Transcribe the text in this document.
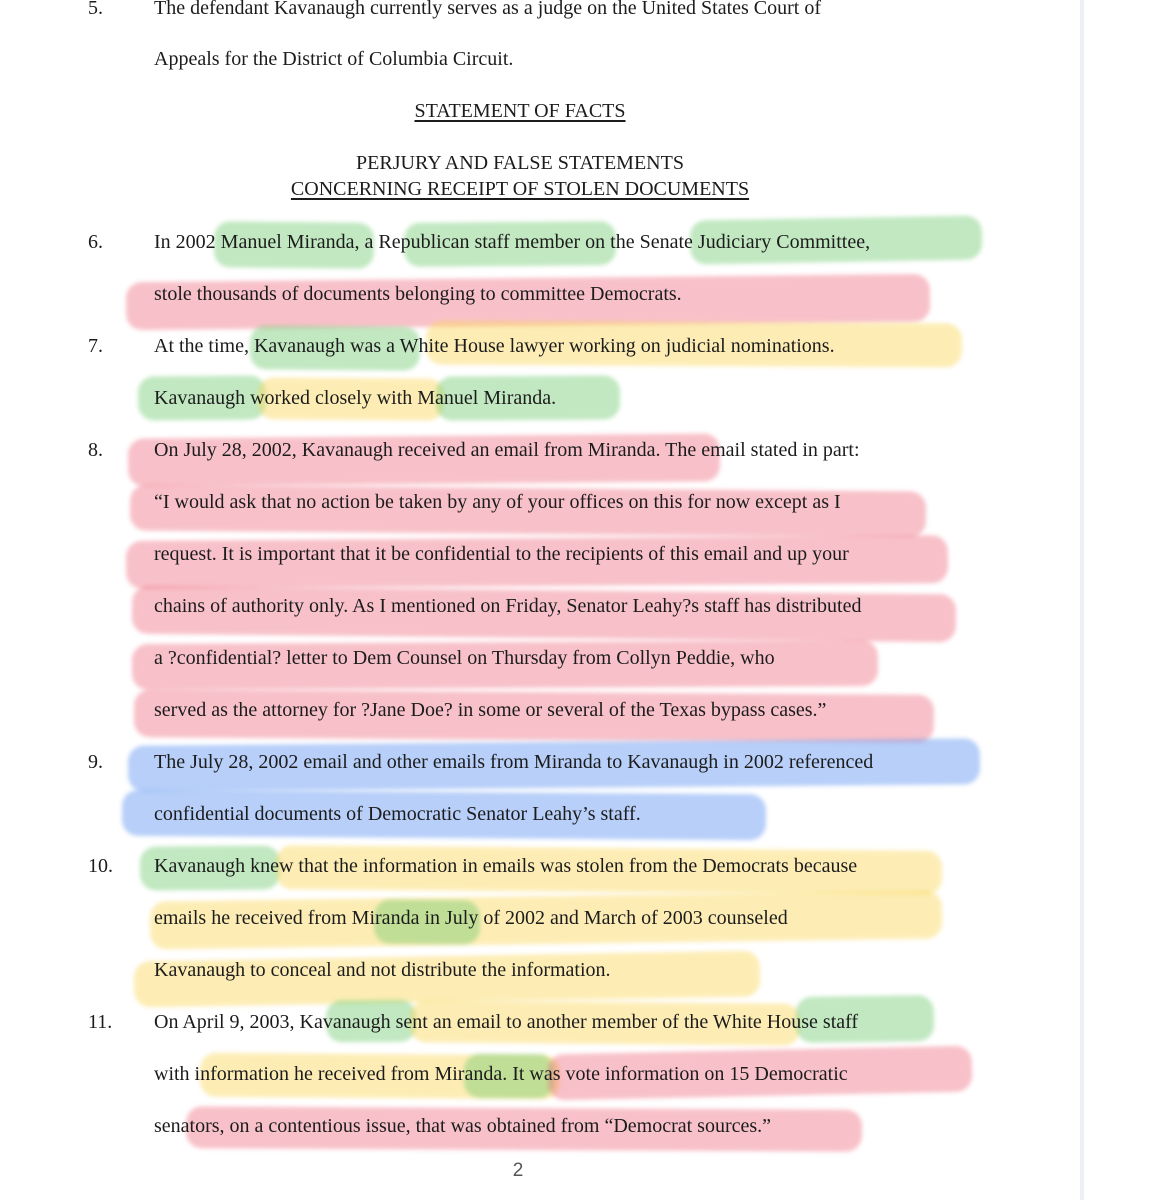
5.	The defendant Kavanaugh currently serves as a judge on the United States Court of
Appeals for the District of Columbia Circuit.
STATEMENT OF FACTS
PERJURY AND FALSE STATEMENTS
CONCERNING RECEIPT OF STOLEN DOCUMENTS
6.	In 2002 Manuel Miranda, a Republican staff member on the Senate Judiciary Committee,
stole thousands of documents belonging to committee Democrats.
7.	At the time, Kavanaugh was a White House lawyer working on judicial nominations.
Kavanaugh worked closely with Manuel Miranda.
8.	On July 28, 2002, Kavanaugh received an email from Miranda. The email stated in part:
“I would ask that no action be taken by any of your offices on this for now except as I
request. It is important that it be confidential to the recipients of this email and up your
chains of authority only. As I mentioned on Friday, Senator Leahy?s staff has distributed
a ?confidential? letter to Dem Counsel on Thursday from Collyn Peddie, who
served as the attorney for ?Jane Doe? in some or several of the Texas bypass cases.”
9.	The July 28, 2002 email and other emails from Miranda to Kavanaugh in 2002 referenced
confidential documents of Democratic Senator Leahy’s staff.
10. Kavanaugh knew that the information in emails was stolen from the Democrats because
emails he received from Miranda in July of 2002 and March of 2003 counseled
Kavanaugh to conceal and not distribute the information.
11. On April 9, 2003, Kavanaugh sent an email to another member of the White House staff
with information he received from Miranda. It was vote information on 15 Democratic
senators, on a contentious issue, that was obtained from “Democrat sources.”
2
